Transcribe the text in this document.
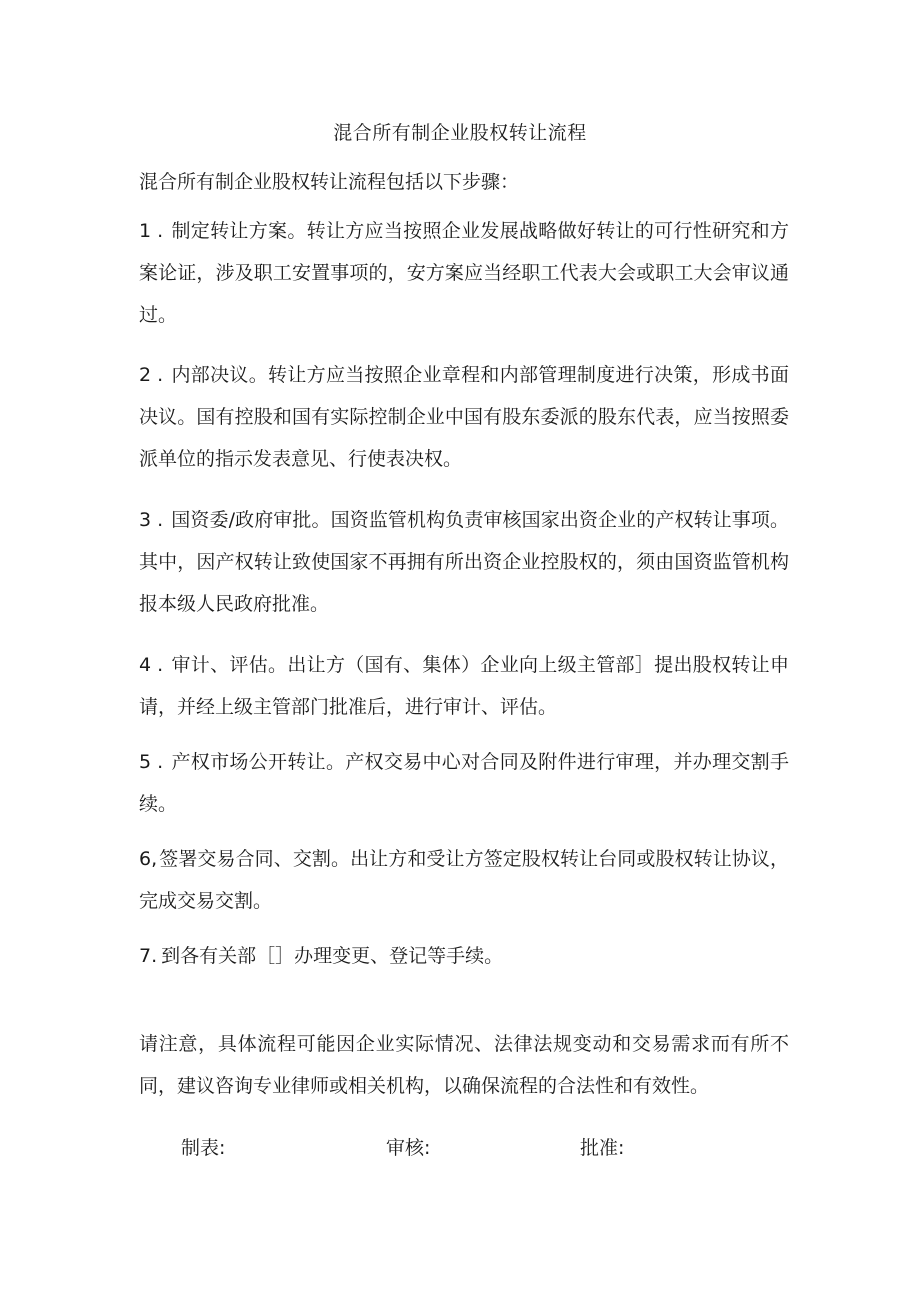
混合所有制企业股权转让流程
混合所有制企业股权转让流程包括以下步骤：
1 . 制定转让方案。转让方应当按照企业发展战略做好转让的可行性研究和方案论证，涉及职工安置事项的，安方案应当经职工代表大会或职工大会审议通过。
2 . 内部决议。转让方应当按照企业章程和内部管理制度进行决策，形成书面决议。国有控股和国有实际控制企业中国有股东委派的股东代表，应当按照委派单位的指示发表意见、行使表决权。
3 . 国资委/政府审批。国资监管机构负责审核国家出资企业的产权转让事项。其中，因产权转让致使国家不再拥有所出资企业控股权的，须由国资监管机构报本级人民政府批准。
4 . 审计、评估。出让方（国有、集体）企业向上级主管部］提出股权转让申请，并经上级主管部门批准后，进行审计、评估。
5 . 产权市场公开转让。产权交易中心对合同及附件进行审理，并办理交割手续。
6, 签署交易合同、交割。出让方和受让方签定股权转让台同或股权转让协议，完成交易交割。
7. 到各有关部［］办理变更、登记等手续。
请注意，具体流程可能因企业实际情况、法律法规变动和交易需求而有所不同，建议咨询专业律师或相关机构，以确保流程的合法性和有效性。
制表:	审核:	批准:
